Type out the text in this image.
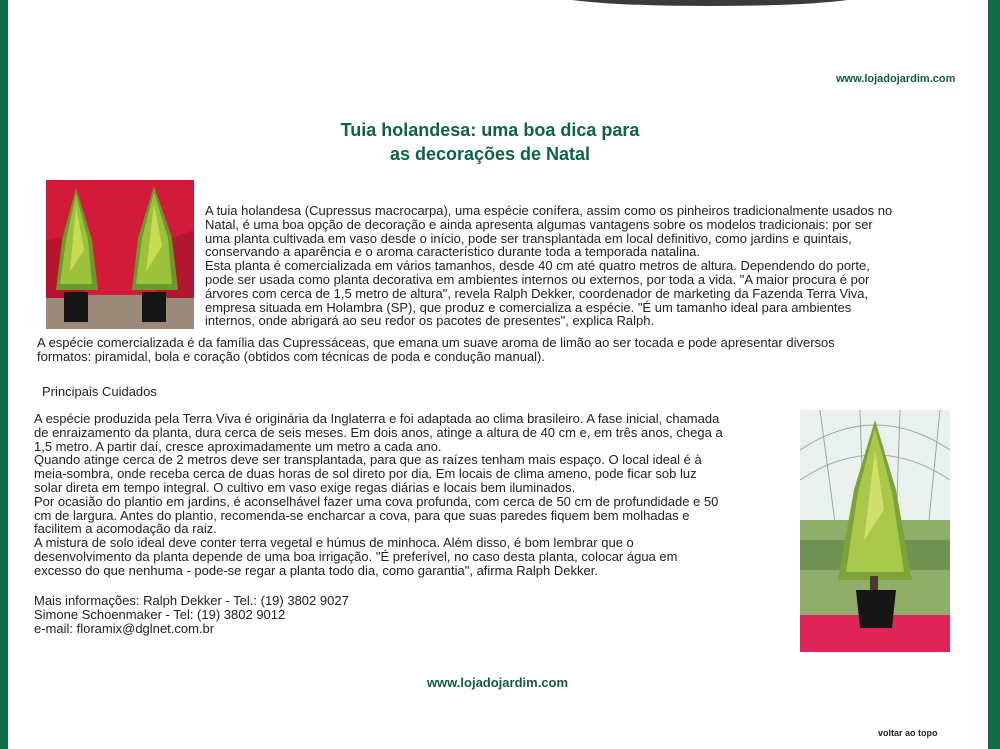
www.lojadojardim.com
Tuia holandesa: uma boa dica para
as decorações de Natal
A tuia holandesa (Cupressus macrocarpa), uma espécie conífera, assim como os pinheiros tradicionalmente usados no
Natal, é uma boa opção de decoração e ainda apresenta algumas vantagens sobre os modelos tradicionais: por ser
uma planta cultivada em vaso desde o início, pode ser transplantada em local definitivo, como jardins e quintais,
conservando a aparência e o aroma característico durante toda a temporada natalina.
Esta planta é comercializada em vários tamanhos, desde 40 cm até quatro metros de altura. Dependendo do porte,
pode ser usada como planta decorativa em ambientes internos ou externos, por toda a vida. "A maior procura é por
árvores com cerca de 1,5 metro de altura", revela Ralph Dekker, coordenador de marketing da Fazenda Terra Viva,
empresa situada em Holambra (SP), que produz e comercializa a espécie. "É um tamanho ideal para ambientes
internos, onde abrigará ao seu redor os pacotes de presentes", explica Ralph.
A espécie comercializada é da família das Cupressáceas, que emana um suave aroma de limão ao ser tocada e pode apresentar diversos
formatos: piramidal, bola e coração (obtidos com técnicas de poda e condução manual).
Principais Cuidados
A espécie produzida pela Terra Viva é originária da Inglaterra e foi adaptada ao clima brasileiro. A fase inicial, chamada
de enraizamento da planta, dura cerca de seis meses. Em dois anos, atinge a altura de 40 cm e, em três anos, chega a
1,5 metro. A partir daí, cresce aproximadamente um metro a cada ano.
Quando atinge cerca de 2 metros deve ser transplantada, para que as raízes tenham mais espaço. O local ideal é à
meia-sombra, onde receba cerca de duas horas de sol direto por dia. Em locais de clima ameno, pode ficar sob luz
solar direta em tempo integral. O cultivo em vaso exige regas diárias e locais bem iluminados.
Por ocasião do plantio em jardins, é aconselhável fazer uma cova profunda, com cerca de 50 cm de profundidade e 50
cm de largura. Antes do plantio, recomenda-se encharcar a cova, para que suas paredes fiquem bem molhadas e
facilitem a acomodação da raiz.
A mistura de solo ideal deve conter terra vegetal e húmus de minhoca. Além disso, é bom lembrar que o
desenvolvimento da planta depende de uma boa irrigação. "É preferível, no caso desta planta, colocar água em
excesso do que nenhuma - pode-se regar a planta todo dia, como garantia", afirma Ralph Dekker.
Mais informações: Ralph Dekker - Tel.: (19) 3802 9027
Simone Schoenmaker - Tel: (19) 3802 9012
e-mail: floramix@dglnet.com.br
www.lojadojardim.com
voltar ao topo
